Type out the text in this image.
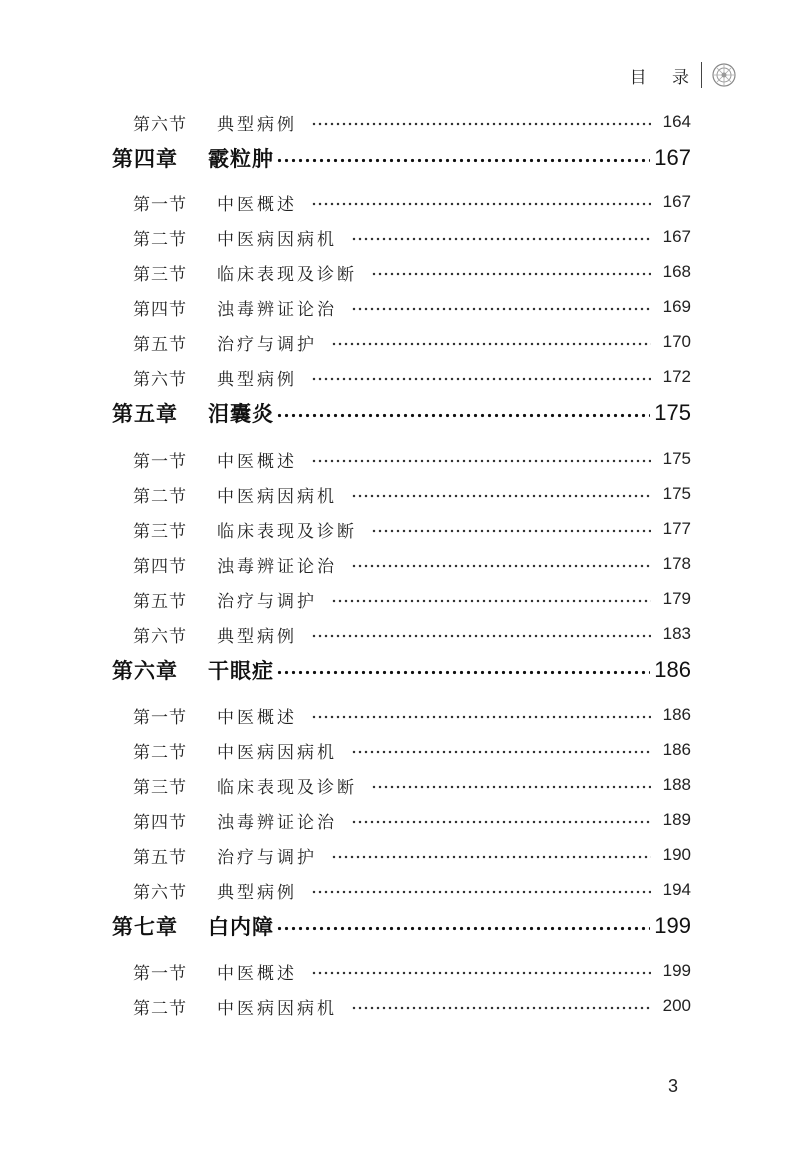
目 录
第六节	典型病例	164
第四章	霰粒肿	167
第一节	中医概述	167
第二节	中医病因病机	167
第三节	临床表现及诊断	168
第四节	浊毒辨证论治	169
第五节	治疗与调护	170
第六节	典型病例	172
第五章	泪囊炎	175
第一节	中医概述	175
第二节	中医病因病机	175
第三节	临床表现及诊断	177
第四节	浊毒辨证论治	178
第五节	治疗与调护	179
第六节	典型病例	183
第六章	干眼症	186
第一节	中医概述	186
第二节	中医病因病机	186
第三节	临床表现及诊断	188
第四节	浊毒辨证论治	189
第五节	治疗与调护	190
第六节	典型病例	194
第七章	白内障	199
第一节	中医概述	199
第二节	中医病因病机	200
3
